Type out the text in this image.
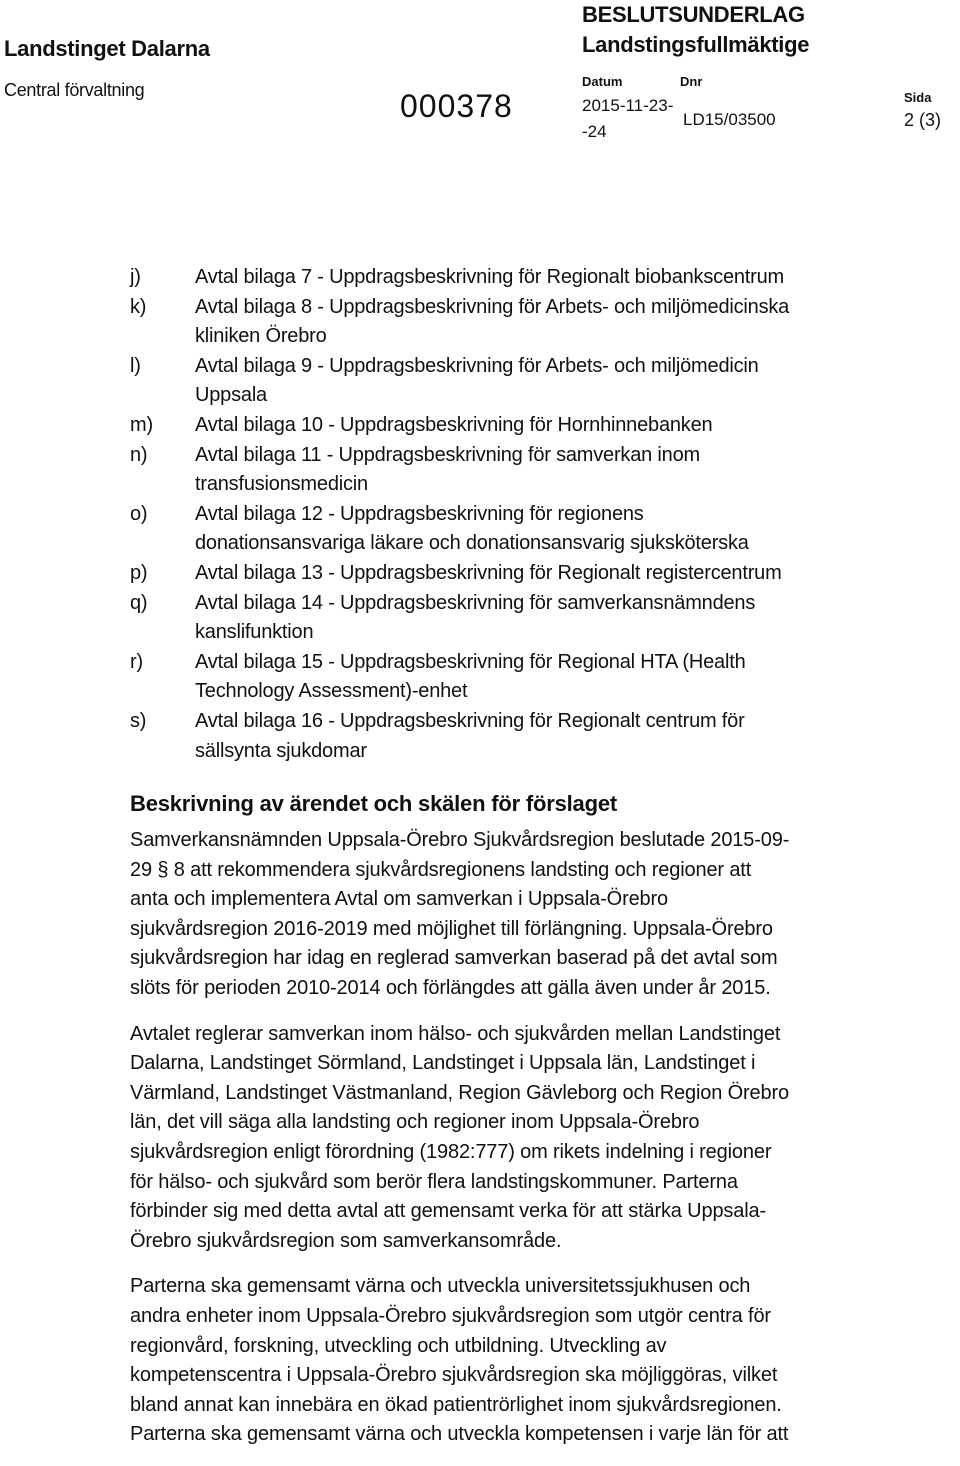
Landstinget Dalarna
Central förvaltning
BESLUTSUNDERLAG
Landstingsfullmäktige
000378
Datum	Dnr
Sida
2015-11-23-
-24
LD15/03500	2 (3)
j)	Avtal bilaga 7 - Uppdragsbeskrivning för Regionalt biobankscentrum
k) Avtal bilaga 8 - Uppdragsbeskrivning för Arbets- och miljömedicinska
kliniken Örebro
l)	Avtal bilaga 9 - Uppdragsbeskrivning för Arbets- och miljömedicin
Uppsala
m) Avtal bilaga 10 - Uppdragsbeskrivning för Hornhinnebanken
n) Avtal bilaga 11 - Uppdragsbeskrivning för samverkan inom
transfusionsmedicin
o) Avtal bilaga 12 - Uppdragsbeskrivning för regionens
donationsansvariga läkare och donationsansvarig sjuksköterska
p) Avtal bilaga 13 - Uppdragsbeskrivning för Regionalt registercentrum
q) Avtal bilaga 14 - Uppdragsbeskrivning för samverkansnämndens
kanslifunktion
r)	Avtal bilaga 15 - Uppdragsbeskrivning för Regional HTA (Health
Technology Assessment)-enhet
s) Avtal bilaga 16 - Uppdragsbeskrivning för Regionalt centrum för
sällsynta sjukdomar
Beskrivning av ärendet och skälen för förslaget
Samverkansnämnden Uppsala-Örebro Sjukvårdsregion beslutade 2015-09-
29 § 8 att rekommendera sjukvårdsregionens landsting och regioner att
anta och implementera Avtal om samverkan i Uppsala-Örebro
sjukvårdsregion 2016-2019 med möjlighet till förlängning. Uppsala-Örebro
sjukvårdsregion har idag en reglerad samverkan baserad på det avtal som
slöts för perioden 2010-2014 och förlängdes att gälla även under år 2015.
Avtalet reglerar samverkan inom hälso- och sjukvården mellan Landstinget
Dalarna, Landstinget Sörmland, Landstinget i Uppsala län, Landstinget i
Värmland, Landstinget Västmanland, Region Gävleborg och Region Örebro
län, det vill säga alla landsting och regioner inom Uppsala-Örebro
sjukvårdsregion enligt förordning (1982:777) om rikets indelning i regioner
för hälso- och sjukvård som berör flera landstingskommuner. Parterna
förbinder sig med detta avtal att gemensamt verka för att stärka Uppsala-
Örebro sjukvårdsregion som samverkansområde.
Parterna ska gemensamt värna och utveckla universitetssjukhusen och
andra enheter inom Uppsala-Örebro sjukvårdsregion som utgör centra för
regionvård, forskning, utveckling och utbildning. Utveckling av
kompetenscentra i Uppsala-Örebro sjukvårdsregion ska möjliggöras, vilket
bland annat kan innebära en ökad patientrörlighet inom sjukvårdsregionen.
Parterna ska gemensamt värna och utveckla kompetensen i varje län för att
